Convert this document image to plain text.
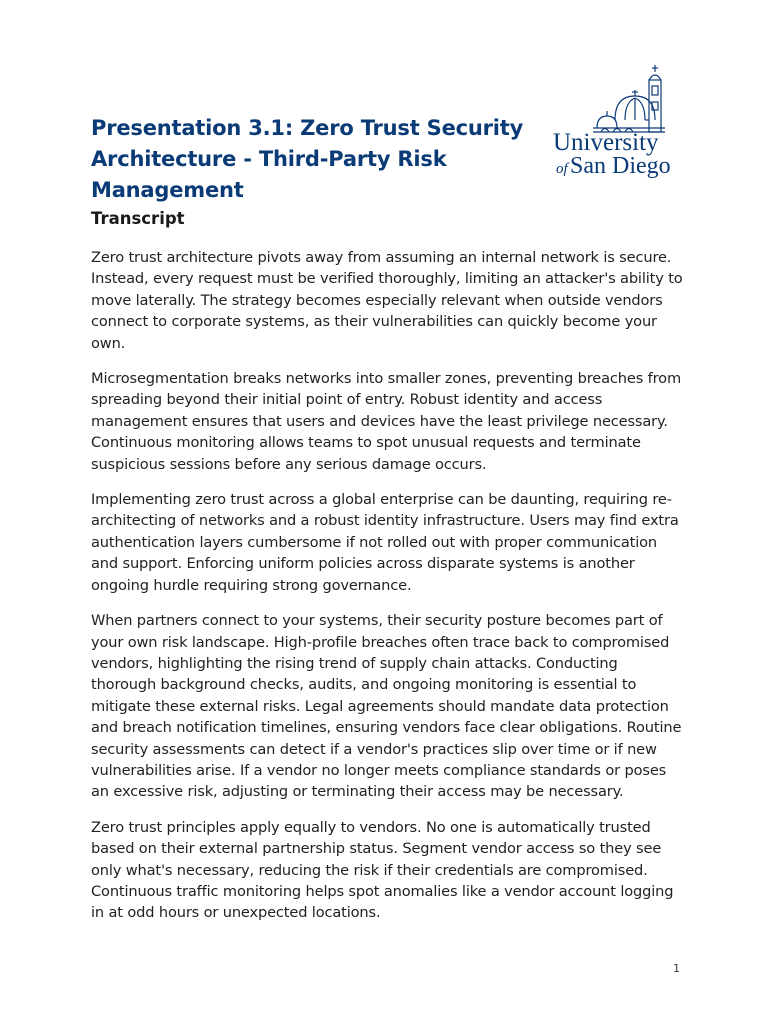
Presentation 3.1: Zero Trust Security Architecture - Third-Party Risk Management
Transcript
University
of San Diego

Zero trust architecture pivots away from assuming an internal network is secure. Instead, every request must be verified thoroughly, limiting an attacker's ability to move laterally. The strategy becomes especially relevant when outside vendors connect to corporate systems, as their vulnerabilities can quickly become your own.

Microsegmentation breaks networks into smaller zones, preventing breaches from spreading beyond their initial point of entry. Robust identity and access management ensures that users and devices have the least privilege necessary. Continuous monitoring allows teams to spot unusual requests and terminate suspicious sessions before any serious damage occurs.

Implementing zero trust across a global enterprise can be daunting, requiring re-architecting of networks and a robust identity infrastructure. Users may find extra authentication layers cumbersome if not rolled out with proper communication and support. Enforcing uniform policies across disparate systems is another ongoing hurdle requiring strong governance.

When partners connect to your systems, their security posture becomes part of your own risk landscape. High-profile breaches often trace back to compromised vendors, highlighting the rising trend of supply chain attacks. Conducting thorough background checks, audits, and ongoing monitoring is essential to mitigate these external risks. Legal agreements should mandate data protection and breach notification timelines, ensuring vendors face clear obligations. Routine security assessments can detect if a vendor's practices slip over time or if new vulnerabilities arise. If a vendor no longer meets compliance standards or poses an excessive risk, adjusting or terminating their access may be necessary.

Zero trust principles apply equally to vendors. No one is automatically trusted based on their external partnership status. Segment vendor access so they see only what's necessary, reducing the risk if their credentials are compromised. Continuous traffic monitoring helps spot anomalies like a vendor account logging in at odd hours or unexpected locations.

1
